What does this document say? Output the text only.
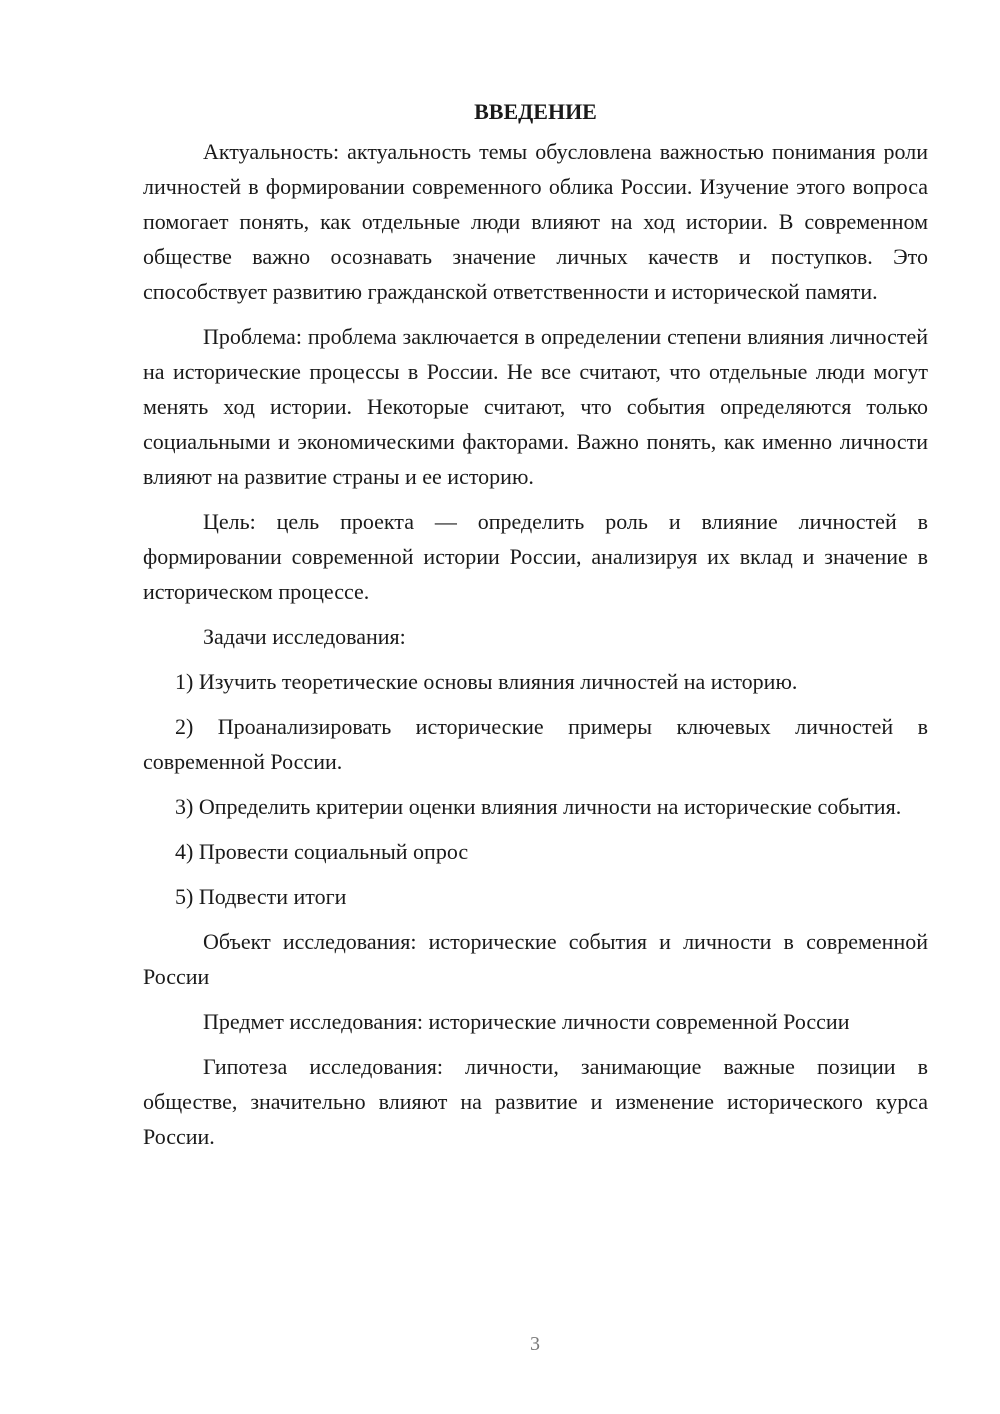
ВВЕДЕНИЕ

Актуальность: актуальность темы обусловлена важностью понимания роли личностей в формировании современного облика России. Изучение этого вопроса помогает понять, как отдельные люди влияют на ход истории. В современном обществе важно осознавать значение личных качеств и поступков. Это способствует развитию гражданской ответственности и исторической памяти.

Проблема: проблема заключается в определении степени влияния личностей на исторические процессы в России. Не все считают, что отдельные люди могут менять ход истории. Некоторые считают, что события определяются только социальными и экономическими факторами. Важно понять, как именно личности влияют на развитие страны и ее историю.

Цель: цель проекта — определить роль и влияние личностей в формировании современной истории России, анализируя их вклад и значение в историческом процессе.

Задачи исследования:

1) Изучить теоретические основы влияния личностей на историю.

2) Проанализировать исторические примеры ключевых личностей в современной России.

3) Определить критерии оценки влияния личности на исторические события.

4) Провести социальный опрос

5) Подвести итоги

Объект исследования: исторические события и личности в современной России

Предмет исследования: исторические личности современной России

Гипотеза исследования: личности, занимающие важные позиции в обществе, значительно влияют на развитие и изменение исторического курса России.

3
